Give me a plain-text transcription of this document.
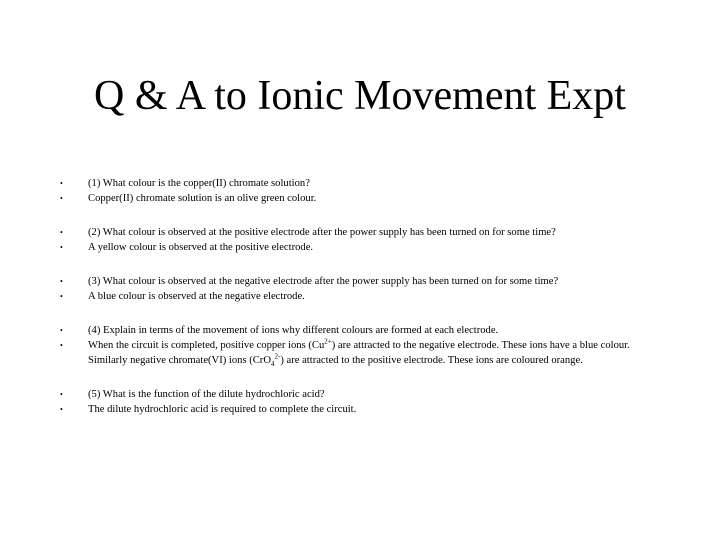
Q & A to Ionic Movement Expt
•	(1) What colour is the copper(II) chromate solution?
•	Copper(II) chromate solution is an olive green colour.
•	(2) What colour is observed at the positive electrode after the power supply has been turned on for some time?
•	A yellow colour is observed at the positive electrode.
•	(3) What colour is observed at the negative electrode after the power supply has been turned on for some time?
•	A blue colour is observed at the negative electrode.
•	(4) Explain in terms of the movement of ions why different colours are formed at each electrode.
•	When the circuit is completed, positive copper ions $(Cu^{2+})$ are attracted to the negative electrode. These ions have a blue colour. Similarly negative chromate(VI) ions (CrO$_4^{2-}$) are attracted to the positive electrode. These ions are coloured orange.
•	(5) What is the function of the dilute hydrochloric acid?
•	The dilute hydrochloric acid is required to complete the circuit.
